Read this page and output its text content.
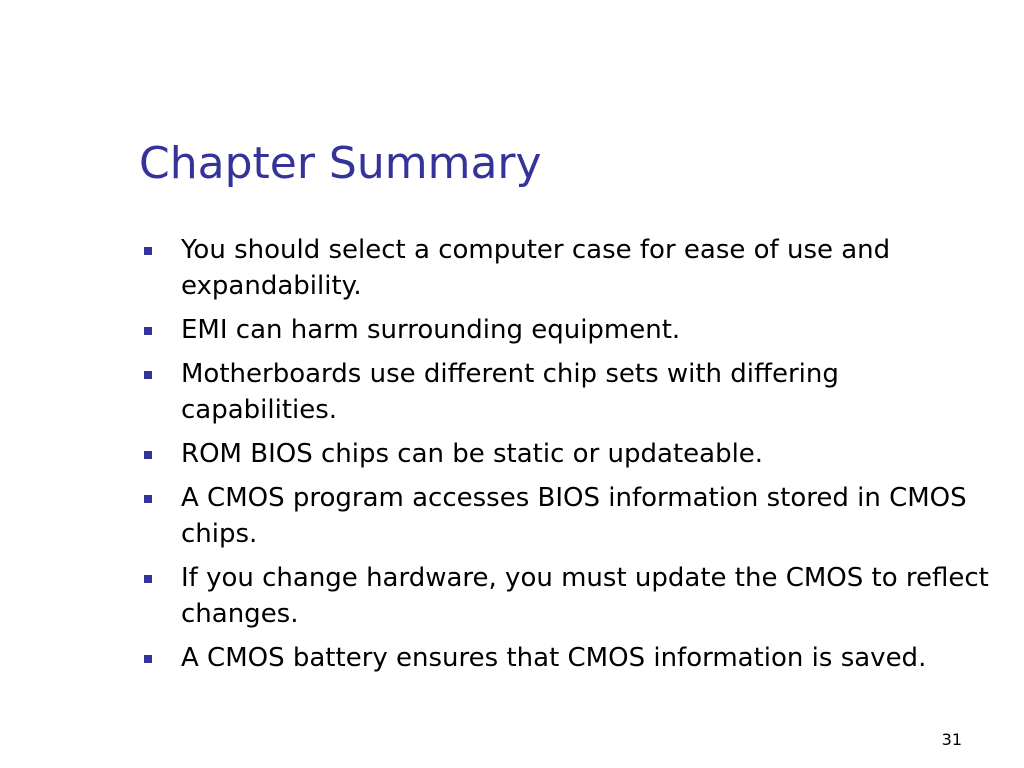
Chapter Summary
You should select a computer case for ease of use and expandability.
EMI can harm surrounding equipment.
Motherboards use different chip sets with differing capabilities.
ROM BIOS chips can be static or updateable.
A CMOS program accesses BIOS information stored in CMOS chips.
If you change hardware, you must update the CMOS to reflect changes.
A CMOS battery ensures that CMOS information is saved.
31
